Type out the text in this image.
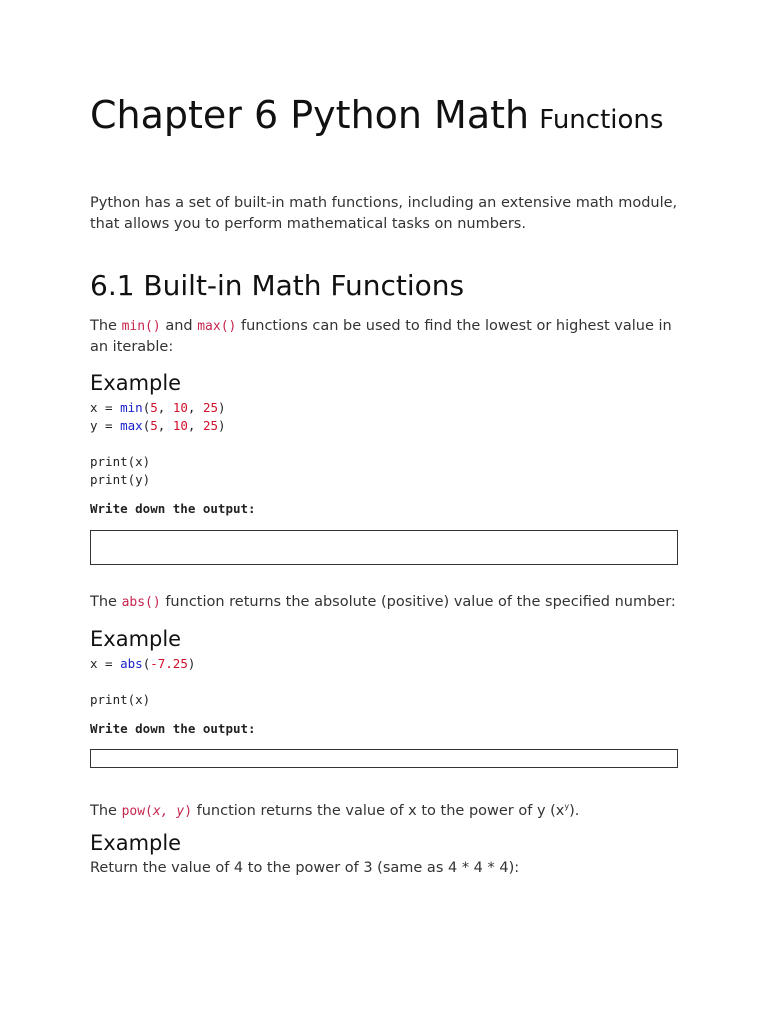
Chapter 6 Python Math Functions

Python has a set of built-in math functions, including an extensive math module, that allows you to perform mathematical tasks on numbers.

6.1 Built-in Math Functions

The min() and max() functions can be used to find the lowest or highest value in an iterable:

Example
x = min(5, 10, 25)
y = max(5, 10, 25)

print(x)
print(y)
Write down the output:

The abs() function returns the absolute (positive) value of the specified number:

Example
x = abs(-7.25)

print(x)
Write down the output:

The pow(x, y) function returns the value of x to the power of y $(x^y)$.

Example

Return the value of 4 to the power of 3 (same as 4 * 4 * 4):
